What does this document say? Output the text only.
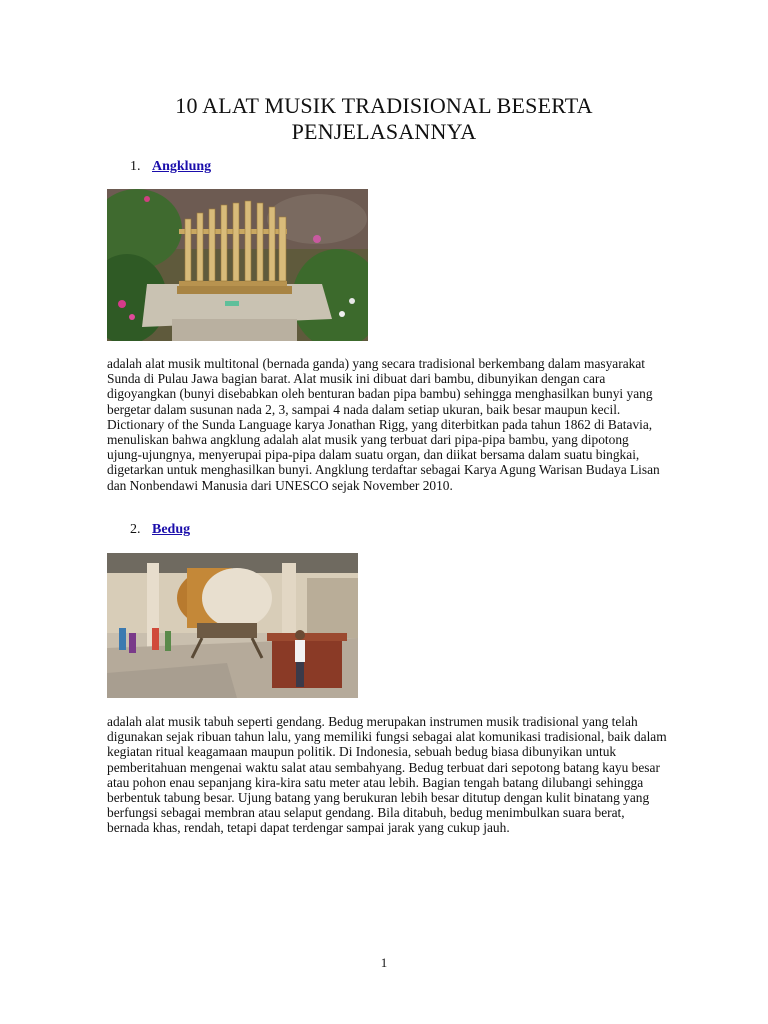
10 ALAT MUSIK TRADISIONAL BESERTA
PENJELASANNYA
1. Angklung
adalah alat musik multitonal (bernada ganda) yang secara tradisional berkembang dalam masyarakat Sunda di Pulau Jawa bagian barat. Alat musik ini dibuat dari bambu, dibunyikan dengan cara digoyangkan (bunyi disebabkan oleh benturan badan pipa bambu) sehingga menghasilkan bunyi yang bergetar dalam susunan nada 2, 3, sampai 4 nada dalam setiap ukuran, baik besar maupun kecil. Dictionary of the Sunda Language karya Jonathan Rigg, yang diterbitkan pada tahun 1862 di Batavia, menuliskan bahwa angklung adalah alat musik yang terbuat dari pipa-pipa bambu, yang dipotong ujung-ujungnya, menyerupai pipa-pipa dalam suatu organ, dan diikat bersama dalam suatu bingkai, digetarkan untuk menghasilkan bunyi. Angklung terdaftar sebagai Karya Agung Warisan Budaya Lisan dan Nonbendawi Manusia dari UNESCO sejak November 2010.
2. Bedug
adalah alat musik tabuh seperti gendang. Bedug merupakan instrumen musik tradisional yang telah digunakan sejak ribuan tahun lalu, yang memiliki fungsi sebagai alat komunikasi tradisional, baik dalam kegiatan ritual keagamaan maupun politik. Di Indonesia, sebuah bedug biasa dibunyikan untuk pemberitahuan mengenai waktu salat atau sembahyang. Bedug terbuat dari sepotong batang kayu besar atau pohon enau sepanjang kira-kira satu meter atau lebih. Bagian tengah batang dilubangi sehingga berbentuk tabung besar. Ujung batang yang berukuran lebih besar ditutup dengan kulit binatang yang berfungsi sebagai membran atau selaput gendang. Bila ditabuh, bedug menimbulkan suara berat, bernada khas, rendah, tetapi dapat terdengar sampai jarak yang cukup jauh.
1
